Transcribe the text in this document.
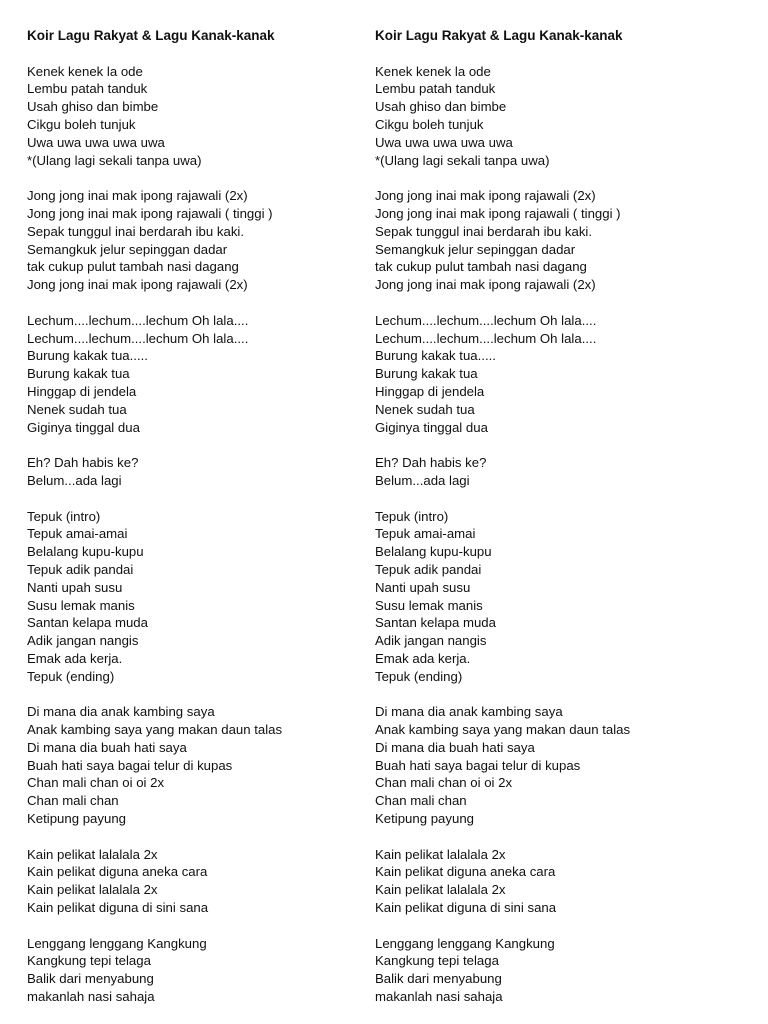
Koir Lagu Rakyat & Lagu Kanak-kanak
Kenek kenek la ode
Lembu patah tanduk
Usah ghiso dan bimbe
Cikgu boleh tunjuk
Uwa uwa uwa uwa uwa
*(Ulang lagi sekali tanpa uwa)
Jong jong inai mak ipong rajawali (2x)
Jong jong inai mak ipong rajawali ( tinggi )
Sepak tunggul inai berdarah ibu kaki.
Semangkuk jelur sepinggan dadar
tak cukup pulut tambah nasi dagang
Jong jong inai mak ipong rajawali (2x)
Lechum....lechum....lechum Oh lala....
Lechum....lechum....lechum Oh lala....
Burung kakak tua.....
Burung kakak tua
Hinggap di jendela
Nenek sudah tua
Giginya tinggal dua
Eh? Dah habis ke?
Belum...ada lagi
Tepuk (intro)
Tepuk amai-amai
Belalang kupu-kupu
Tepuk adik pandai
Nanti upah susu
Susu lemak manis
Santan kelapa muda
Adik jangan nangis
Emak ada kerja.
Tepuk (ending)
Di mana dia anak kambing saya
Anak kambing saya yang makan daun talas
Di mana dia buah hati saya
Buah hati saya bagai telur di kupas
Chan mali chan oi oi 2x
Chan mali chan
Ketipung payung
Kain pelikat lalalala 2x
Kain pelikat diguna aneka cara
Kain pelikat lalalala 2x
Kain pelikat diguna di sini sana
Lenggang lenggang Kangkung
Kangkung tepi telaga
Balik dari menyabung
makanlah nasi sahaja
Koir Lagu Rakyat & Lagu Kanak-kanak
Kenek kenek la ode
Lembu patah tanduk
Usah ghiso dan bimbe
Cikgu boleh tunjuk
Uwa uwa uwa uwa uwa
*(Ulang lagi sekali tanpa uwa)
Jong jong inai mak ipong rajawali (2x)
Jong jong inai mak ipong rajawali ( tinggi )
Sepak tunggul inai berdarah ibu kaki.
Semangkuk jelur sepinggan dadar
tak cukup pulut tambah nasi dagang
Jong jong inai mak ipong rajawali (2x)
Lechum....lechum....lechum Oh lala....
Lechum....lechum....lechum Oh lala....
Burung kakak tua.....
Burung kakak tua
Hinggap di jendela
Nenek sudah tua
Giginya tinggal dua
Eh? Dah habis ke?
Belum...ada lagi
Tepuk (intro)
Tepuk amai-amai
Belalang kupu-kupu
Tepuk adik pandai
Nanti upah susu
Susu lemak manis
Santan kelapa muda
Adik jangan nangis
Emak ada kerja.
Tepuk (ending)
Di mana dia anak kambing saya
Anak kambing saya yang makan daun talas
Di mana dia buah hati saya
Buah hati saya bagai telur di kupas
Chan mali chan oi oi 2x
Chan mali chan
Ketipung payung
Kain pelikat lalalala 2x
Kain pelikat diguna aneka cara
Kain pelikat lalalala 2x
Kain pelikat diguna di sini sana
Lenggang lenggang Kangkung
Kangkung tepi telaga
Balik dari menyabung
makanlah nasi sahaja
